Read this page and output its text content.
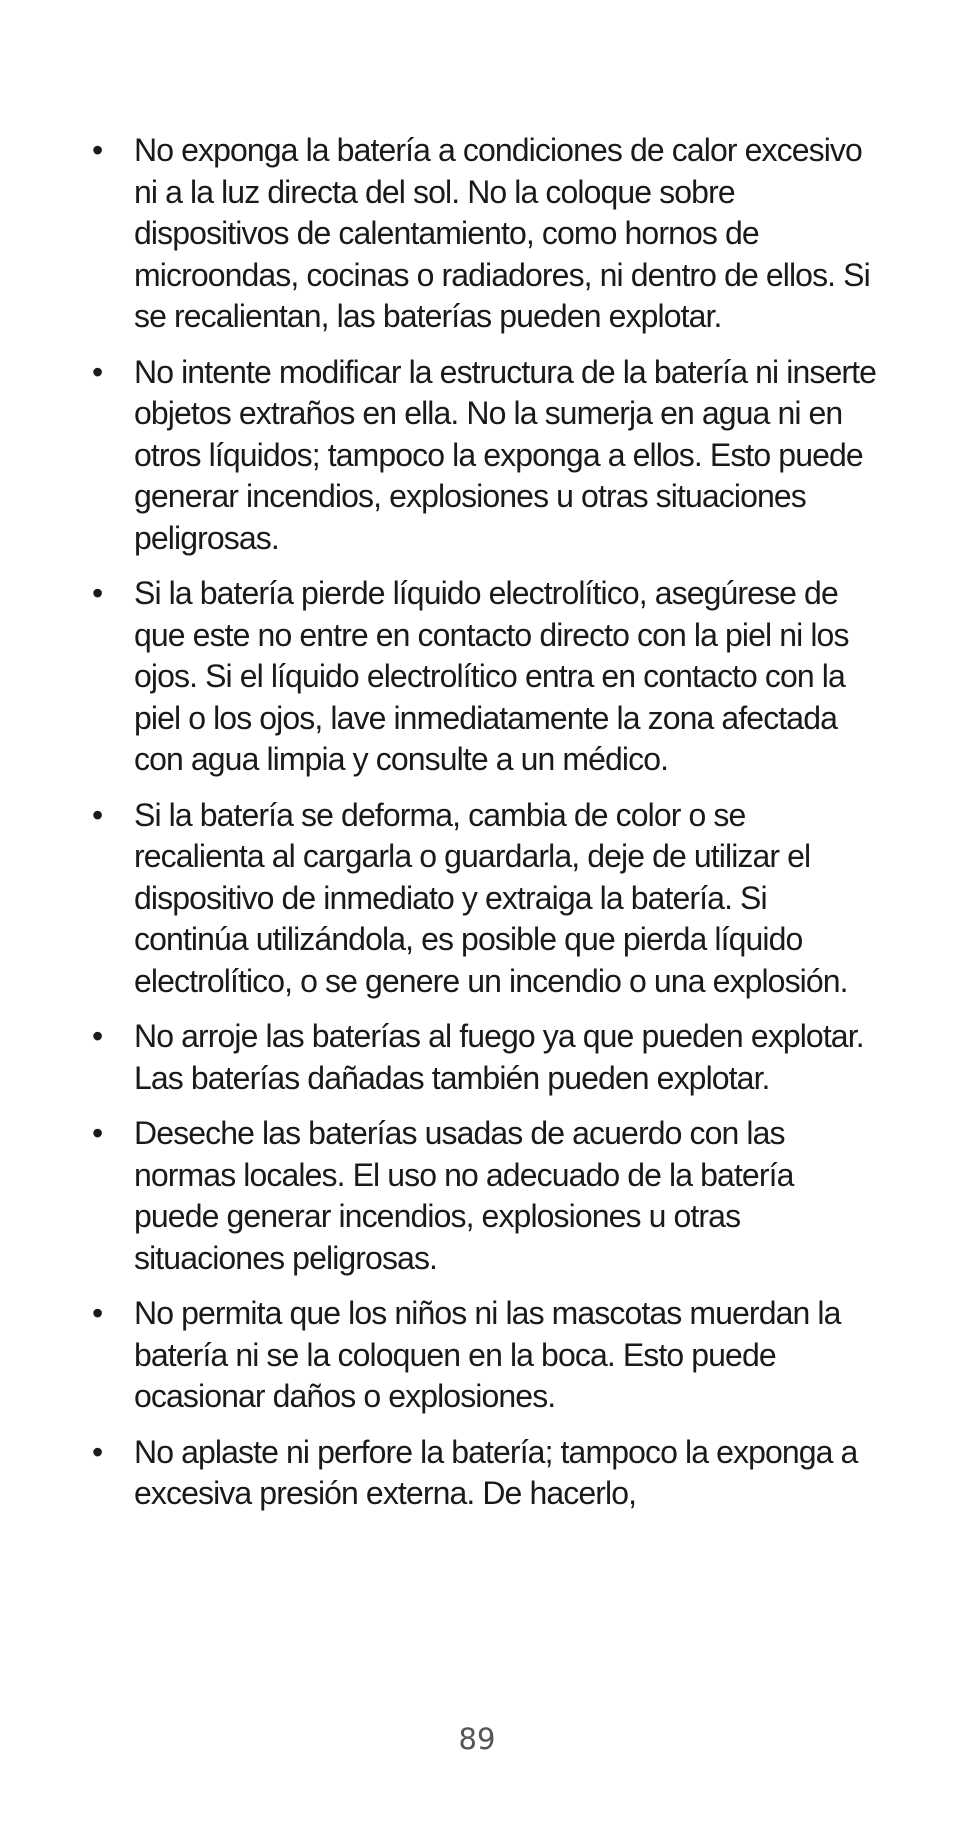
• No exponga la batería a condiciones de calor excesivo ni a la luz directa del sol. No la coloque sobre dispositivos de calentamiento, como hornos de microondas, cocinas o radiadores, ni dentro de ellos. Si se recalientan, las baterías pueden explotar.
• No intente modificar la estructura de la batería ni inserte objetos extraños en ella. No la sumerja en agua ni en otros líquidos; tampoco la exponga a ellos. Esto puede generar incendios, explosiones u otras situaciones peligrosas.
• Si la batería pierde líquido electrolítico, asegúrese de que este no entre en contacto directo con la piel ni los ojos. Si el líquido electrolítico entra en contacto con la piel o los ojos, lave inmediatamente la zona afectada con agua limpia y consulte a un médico.
• Si la batería se deforma, cambia de color o se recalienta al cargarla o guardarla, deje de utilizar el dispositivo de inmediato y extraiga la batería. Si continúa utilizándola, es posible que pierda líquido electrolítico, o se genere un incendio o una explosión.
• No arroje las baterías al fuego ya que pueden explotar. Las baterías dañadas también pueden explotar.
• Deseche las baterías usadas de acuerdo con las normas locales. El uso no adecuado de la batería puede generar incendios, explosiones u otras situaciones peligrosas.
• No permita que los niños ni las mascotas muerdan la batería ni se la coloquen en la boca. Esto puede ocasionar daños o explosiones.
• No aplaste ni perfore la batería; tampoco la exponga a excesiva presión externa. De hacerlo,
89
